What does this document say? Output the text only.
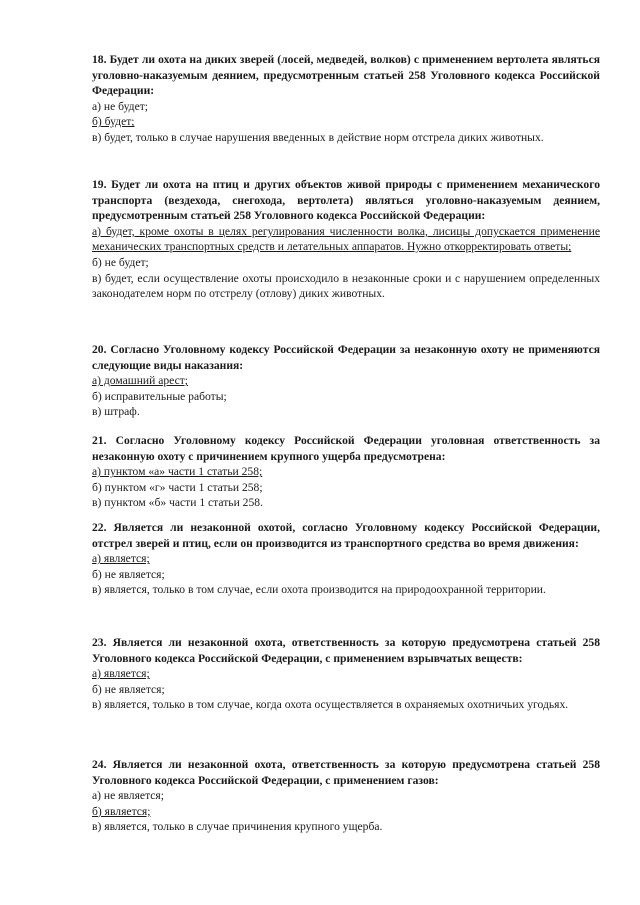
18. Будет ли охота на диких зверей (лосей, медведей, волков) с применением вертолета являться уголовно-наказуемым деянием, предусмотренным статьей 258 Уголовного кодекса Российской Федерации:
а) не будет;
б) будет;
в) будет, только в случае нарушения введенных в действие норм отстрела диких животных.
19. Будет ли охота на птиц и других объектов живой природы с применением механического транспорта (вездехода, снегохода, вертолета) являться уголовно-наказуемым деянием, предусмотренным статьей 258 Уголовного кодекса Российской Федерации:
а) будет, кроме охоты в целях регулирования численности волка, лисицы допускается применение механических транспортных средств и летательных аппаратов. Нужно откорректировать ответы;
б) не будет;
в) будет, если осуществление охоты происходило в незаконные сроки и с нарушением определенных законодателем норм по отстрелу (отлову) диких животных.
20. Согласно Уголовному кодексу Российской Федерации за незаконную охоту не применяются следующие виды наказания:
а) домашний арест;
б) исправительные работы;
в) штраф.
21. Согласно Уголовному кодексу Российской Федерации уголовная ответственность за незаконную охоту с причинением крупного ущерба предусмотрена:
а) пунктом «а» части 1 статьи 258;
б) пунктом «г» части 1 статьи 258;
в) пунктом «б» части 1 статьи 258.
22. Является ли незаконной охотой, согласно Уголовному кодексу Российской Федерации, отстрел зверей и птиц, если он производится из транспортного средства во время движения:
а) является;
б) не является;
в) является, только в том случае, если охота производится на природоохранной территории.
23. Является ли незаконной охота, ответственность за которую предусмотрена статьей 258 Уголовного кодекса Российской Федерации, с применением взрывчатых веществ:
а) является;
б) не является;
в) является, только в том случае, когда охота осуществляется в охраняемых охотничьих угодьях.
24. Является ли незаконной охота, ответственность за которую предусмотрена статьей 258 Уголовного кодекса Российской Федерации, с применением газов:
а) не является;
б) является;
в) является, только в случае причинения крупного ущерба.
